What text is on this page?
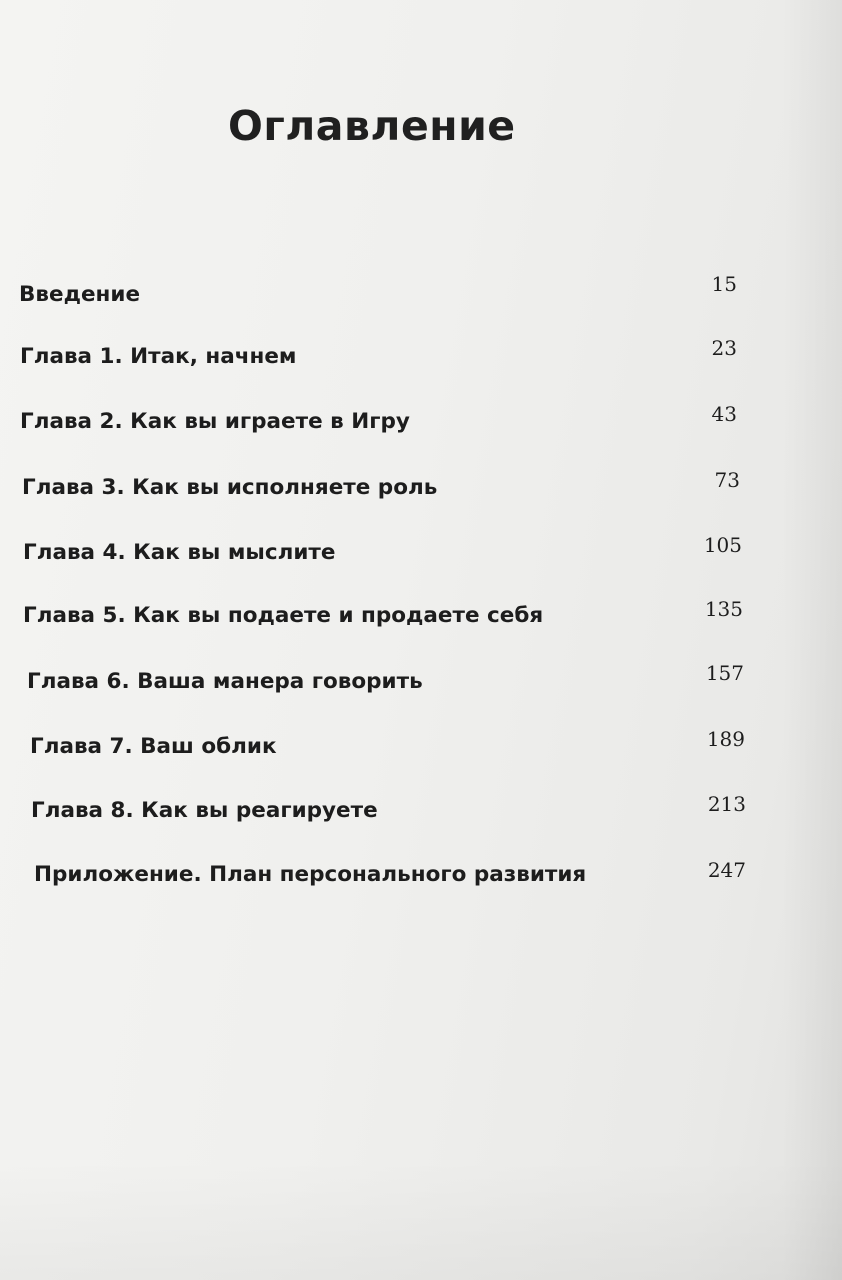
Оглавление
Введение	15
Глава 1. Итак, начнем	23
Глава 2. Как вы играете в Игру	43
Глава 3. Как вы исполняете роль	73
Глава 4. Как вы мыслите	105
Глава 5. Как вы подаете и продаете себя	135
Глава 6. Ваша манера говорить	157
Глава 7. Ваш облик	189
Глава 8. Как вы реагируете	213
Приложение. План персонального развития	247
